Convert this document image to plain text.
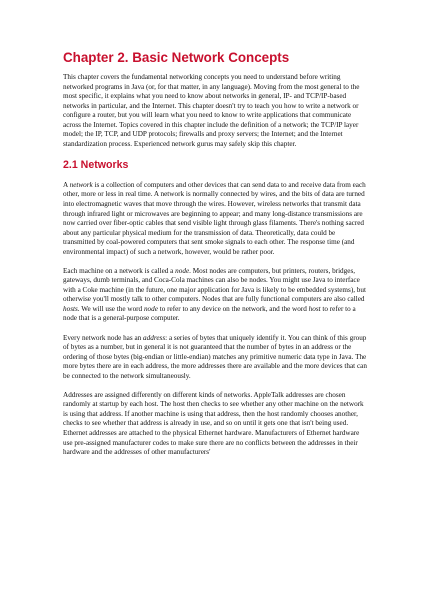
Chapter 2. Basic Network Concepts

This chapter covers the fundamental networking concepts you need to understand before writing networked programs in Java (or, for that matter, in any language). Moving from the most general to the most specific, it explains what you need to know about networks in general, IP- and TCP/IP-based networks in particular, and the Internet. This chapter doesn't try to teach you how to write a network or configure a router, but you will learn what you need to know to write applications that communicate across the Internet. Topics covered in this chapter include the definition of a network; the TCP/IP layer model; the IP, TCP, and UDP protocols; firewalls and proxy servers; the Internet; and the Internet standardization process. Experienced network gurus may safely skip this chapter.

2.1 Networks

A network is a collection of computers and other devices that can send data to and receive data from each other, more or less in real time. A network is normally connected by wires, and the bits of data are turned into electromagnetic waves that move through the wires. However, wireless networks that transmit data through infrared light or microwaves are beginning to appear; and many long-distance transmissions are now carried over fiber-optic cables that send visible light through glass filaments. There's nothing sacred about any particular physical medium for the transmission of data. Theoretically, data could be transmitted by coal-powered computers that sent smoke signals to each other. The response time (and environmental impact) of such a network, however, would be rather poor.

Each machine on a network is called a node. Most nodes are computers, but printers, routers, bridges, gateways, dumb terminals, and Coca-Cola machines can also be nodes. You might use Java to interface with a Coke machine (in the future, one major application for Java is likely to be embedded systems), but otherwise you'll mostly talk to other computers. Nodes that are fully functional computers are also called hosts. We will use the word node to refer to any device on the network, and the word host to refer to a node that is a general-purpose computer.

Every network node has an address: a series of bytes that uniquely identify it. You can think of this group of bytes as a number, but in general it is not guaranteed that the number of bytes in an address or the ordering of those bytes (big-endian or little-endian) matches any primitive numeric data type in Java. The more bytes there are in each address, the more addresses there are available and the more devices that can be connected to the network simultaneously.

Addresses are assigned differently on different kinds of networks. AppleTalk addresses are chosen randomly at startup by each host. The host then checks to see whether any other machine on the network is using that address. If another machine is using that address, then the host randomly chooses another, checks to see whether that address is already in use, and so on until it gets one that isn't being used. Ethernet addresses are attached to the physical Ethernet hardware. Manufacturers of Ethernet hardware use pre-assigned manufacturer codes to make sure there are no conflicts between the addresses in their hardware and the addresses of other manufacturers'
